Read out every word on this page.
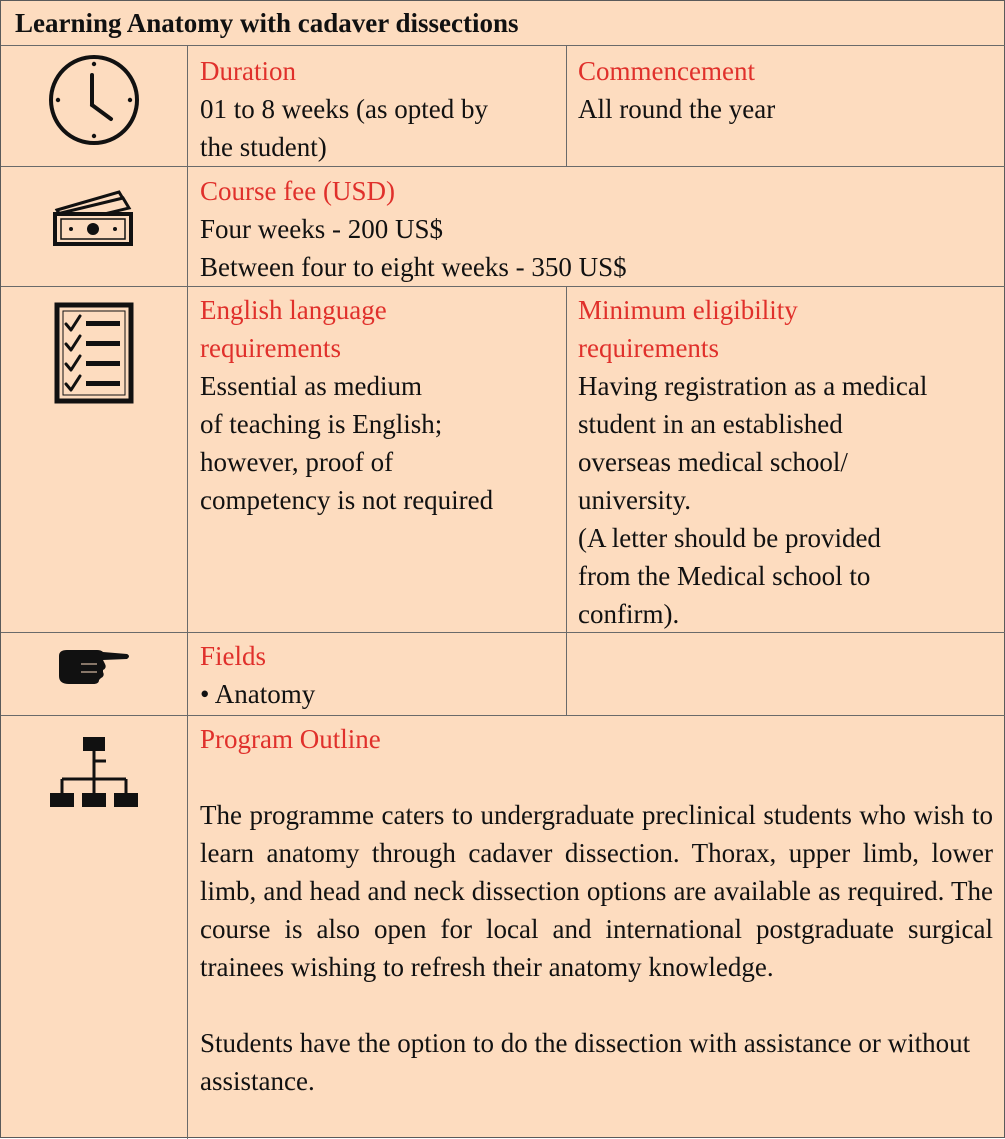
Learning Anatomy with cadaver dissections
Duration
01 to 8 weeks (as opted by
the student)
Commencement
All round the year
Course fee (USD)
Four weeks - 200 US$
Between four to eight weeks - 350 US$
English language
requirements
Essential as medium
of teaching is English;
however, proof of
competency is not required
Minimum eligibility
requirements
Having registration as a medical
student in an established
overseas medical school/
university.
(A letter should be provided
from the Medical school to
confirm).
Fields
• Anatomy
Program Outline
The programme caters to undergraduate preclinical students who wish to learn anatomy through cadaver dissection. Thorax, upper limb, lower limb, and head and neck dissection options are available as required. The course is also open for local and international postgraduate surgical trainees wishing to refresh their anatomy knowledge.
Students have the option to do the dissection with assistance or without assistance.
